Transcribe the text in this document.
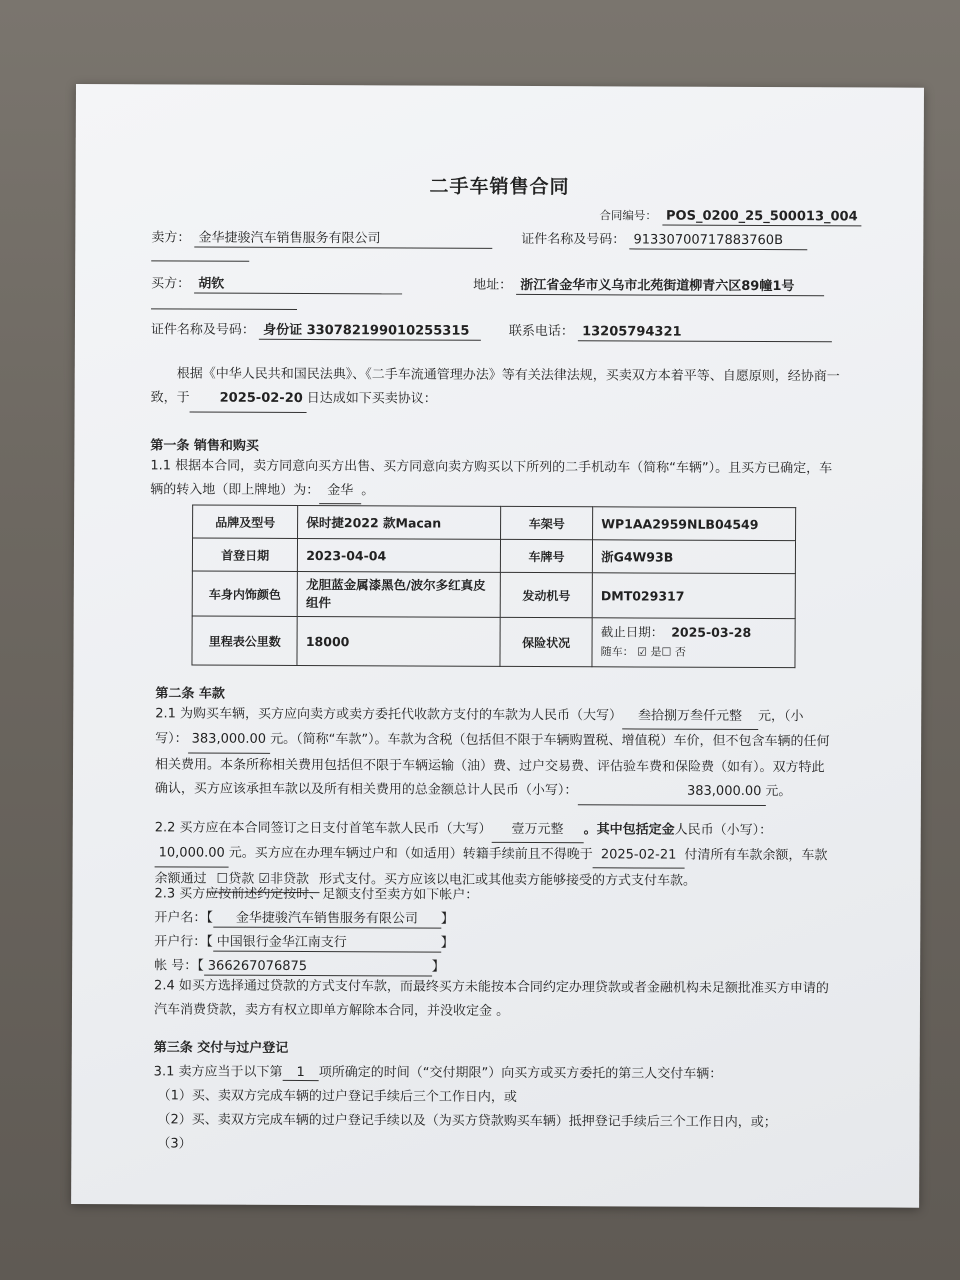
二手车销售合同
合同编号： POS_0200_25_500013_004
卖方： 金华捷骏汽车销售服务有限公司	证件名称及号码： 91330700717883760B
买方： 胡钦	地址： 浙江省金华市义乌市北苑街道柳青六区89幢1号
证件名称及号码： 身份证 330782199010255315	联系电话： 13205794321
根据《中华人民共和国民法典》、《二手车流通管理办法》等有关法律法规，买卖双方本着平等、自愿原则，经协商一致，于 2025-02-20 日达成如下买卖协议：
第一条 销售和购买
1.1 根据本合同，卖方同意向买方出售、买方同意向卖方购买以下所列的二手机动车（简称“车辆”）。且买方已确定，车辆的转入地（即上牌地）为： 金华 。
品牌及型号	保时捷2022 款Macan	车架号	WP1AA2959NLB04549
首登日期	2023-04-04	车牌号	浙G4W93B
车身内饰颜色	龙胆蓝金属漆黑色/波尔多红真皮组件	发动机号	DMT029317
里程表公里数	18000	保险状况	截止日期： 2025-03-28
随车： ☑ 是☐ 否
第二条 车款
2.1 为购买车辆，买方应向卖方或卖方委托代收款方支付的车款为人民币（大写） 叁拾捌万叁仟元整 元，（小写）： 383,000.00 元。（简称“车款”）。车款为含税（包括但不限于车辆购置税、增值税）车价，但不包含车辆的任何相关费用。本条所称相关费用包括但不限于车辆运输（油）费、过户交易费、评估验车费和保险费（如有）。双方特此确认，买方应该承担车款以及所有相关费用的总金额总计人民币（小写）：	383,000.00 元。
2.2 买方应在本合同签订之日支付首笔车款人民币（大写） 壹万元整 。其中包括定金人民币（小写）：10,000.00 元。买方应在办理车辆过户和（如适用）转籍手续前且不得晚于 2025-02-21 付清所有车款余额，车款余额通过 ☐贷款 ☑非贷款 形式支付。买方应该以电汇或其他卖方能够接受的方式支付车款。
2.3 买方应按前述约定按时、足额支付至卖方如下帐户：
开户名：【 金华捷骏汽车销售服务有限公司 】
开户行：【 中国银行金华江南支行	】
帐 号：【 366267076875	】
2.4 如买方选择通过贷款的方式支付车款，而最终买方未能按本合同约定办理贷款或者金融机构未足额批准买方申请的汽车消费贷款，卖方有权立即单方解除本合同，并没收定金 。
第三条 交付与过户登记
3.1 卖方应当于以下第 1 项所确定的时间（“交付期限”）向买方或买方委托的第三人交付车辆：
（1）买、卖双方完成车辆的过户登记手续后三个工作日内，或
（2）买、卖双方完成车辆的过户登记手续以及（为买方贷款购买车辆）抵押登记手续后三个工作日内，或；
（3）
